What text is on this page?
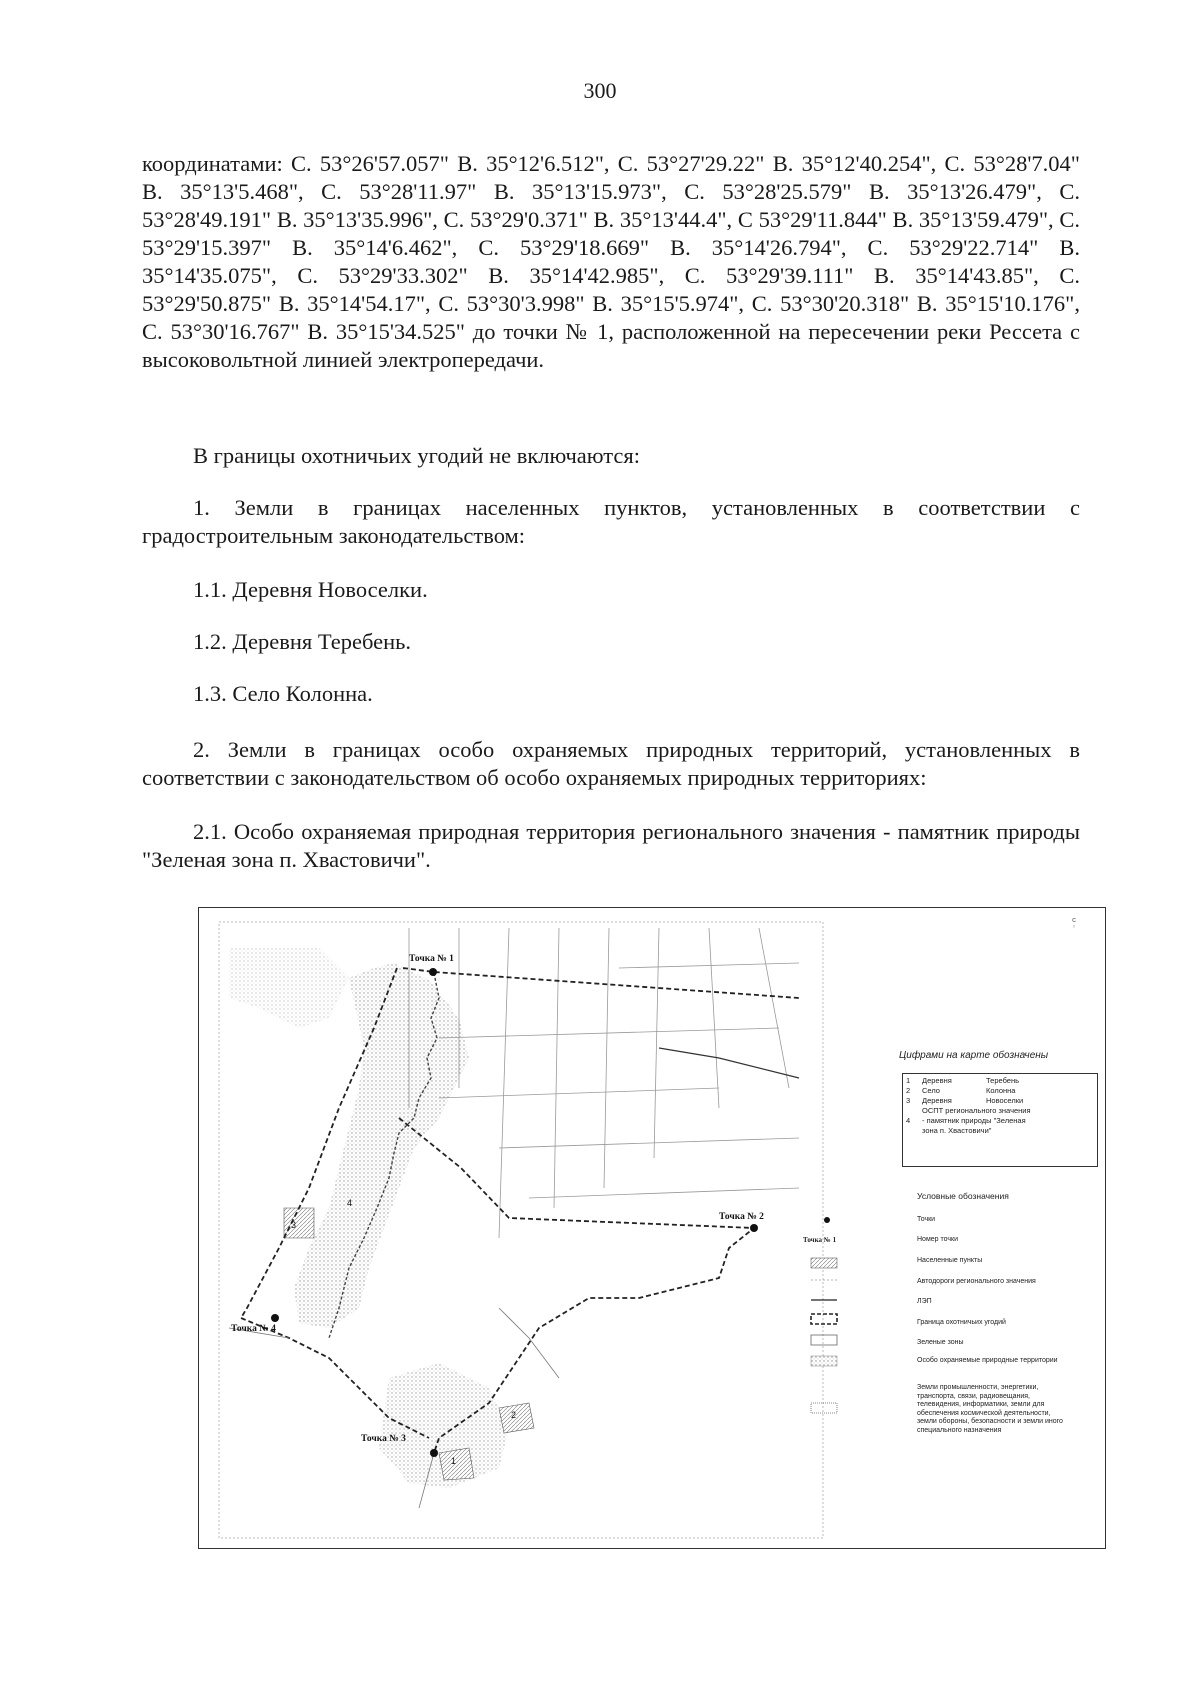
300
координатами: С. 53°26'57.057" В. 35°12'6.512", С. 53°27'29.22" В. 35°12'40.254", С. 53°28'7.04" В. 35°13'5.468", С. 53°28'11.97" В. 35°13'15.973", С. 53°28'25.579" В. 35°13'26.479", С. 53°28'49.191" В. 35°13'35.996", С. 53°29'0.371" В. 35°13'44.4", С 53°29'11.844" В. 35°13'59.479", С. 53°29'15.397" В. 35°14'6.462", С. 53°29'18.669" В. 35°14'26.794", С. 53°29'22.714" В. 35°14'35.075", С. 53°29'33.302" В. 35°14'42.985", С. 53°29'39.111" В. 35°14'43.85", С. 53°29'50.875" В. 35°14'54.17", С. 53°30'3.998" В. 35°15'5.974", С. 53°30'20.318" В. 35°15'10.176", С. 53°30'16.767" В. 35°15'34.525" до точки № 1, расположенной на пересечении реки Рессета с высоковольтной линией электропередачи.
В границы охотничьих угодий не включаются:
1. Земли в границах населенных пунктов, установленных в соответствии с градостроительным законодательством:
1.1. Деревня Новоселки.
1.2. Деревня Теребень.
1.3. Село Колонна.
2. Земли в границах особо охраняемых природных территорий, установленных в соответствии с законодательством об особо охраняемых природных территориях:
2.1. Особо охраняемая природная территория регионального значения - памятник природы "Зеленая зона п. Хвастовичи".
С
↑
Точка № 1
Точка № 2
Точка № 3
Точка № 4
1
2
3
4
Цифрами на карте обозначены
1	Деревня	Теребень
2	Село	Колонна
3	Деревня	Новоселки
ОСПТ регионального значения
4	- памятник природы "Зеленая
зона п. Хвастовичи"
Условные обозначения
Точки
Точка № 1	Номер точки
Населенные пункты
Автодороги регионального значения
ЛЭП
Граница охотничьих угодий
Зеленые зоны
Особо охраняемые природные территории
Земли промышленности, энергетики, транспорта, связи, радиовещания, телевидения, информатики, земли для обеспечения космической деятельности, земли обороны, безопасности и земли иного специального назначения
